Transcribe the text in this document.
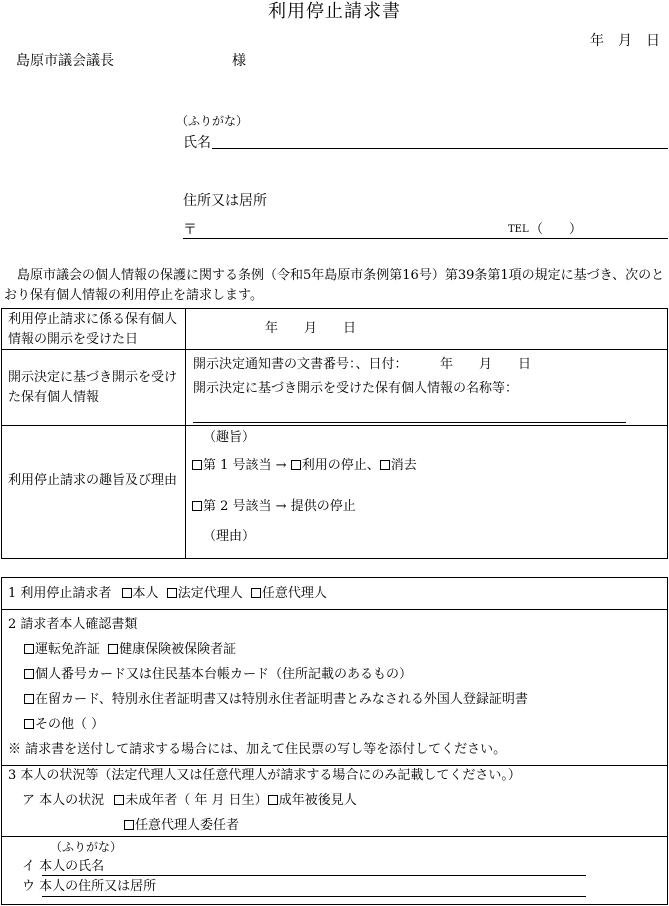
利用停止請求書
年　月　日
島原市議会議長	様
（ふりがな）
氏名
住所又は居所
〒	TEL （　　）
島原市議会の個人情報の保護に関する条例（令和5年島原市条例第16号）第39条第1項の規定に基づき、次のとおり保有個人情報の利用停止を請求します。
利用停止請求に係る保有個人情報の開示を受けた日
年　　月　　日
開示決定に基づき開示を受けた保有個人情報
開示決定通知書の文書番号：、日付：　　　年　　月　　日
開示決定に基づき開示を受けた保有個人情報の名称等：
利用停止請求の趣旨及び理由
（趣旨）
第 1 号該当 → 利用の停止、 消去
第 2 号該当 → 提供の停止
（理由）
1 利用停止請求者 本人 法定代理人 任意代理人
2 請求者本人確認書類
運転免許証 健康保険被保険者証
個人番号カード又は住民基本台帳カード（住所記載のあるもの）
在留カード、特別永住者証明書又は特別永住者証明書とみなされる外国人登録証明書
その他（ ）
※ 請求書を送付して請求する場合には、加えて住民票の写し等を添付してください。
3 本人の状況等（法定代理人又は任意代理人が請求する場合にのみ記載してください。）
ア 本人の状況 未成年者（ 年 月 日生） 成年被後見人
任意代理人委任者
（ふりがな）
イ 本人の氏名
ウ 本人の住所又は居所
